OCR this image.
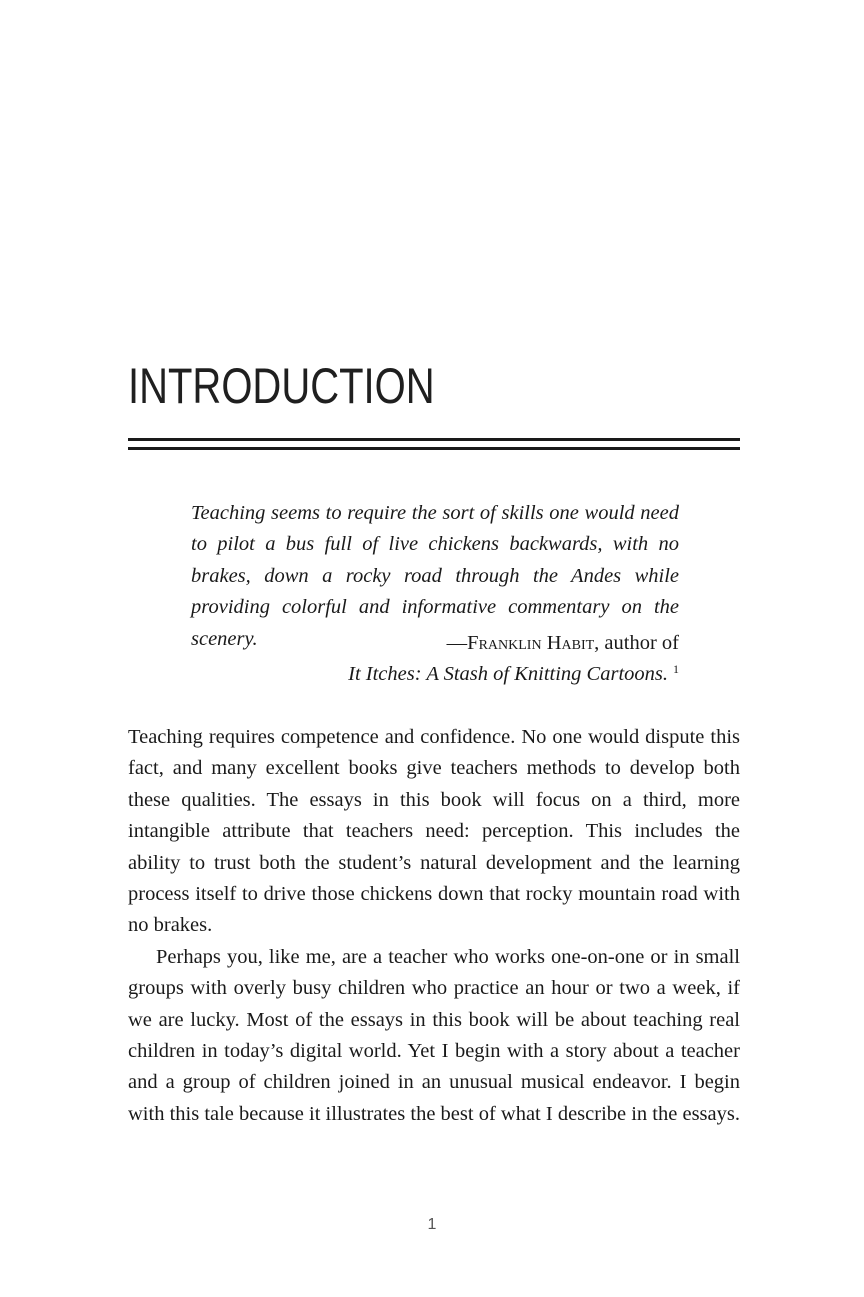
INTRODUCTION

Teaching seems to require the sort of skills one would need to pilot a bus full of live chickens backwards, with no brakes, down a rocky road through the Andes while providing colorful and informative commentary on the scenery.	—Franklin Habit, author of
It Itches: A Stash of Knitting Cartoons. $^1$

Teaching requires competence and confidence. No one would dispute this fact, and many excellent books give teachers methods to develop both these qualities. The essays in this book will focus on a third, more intangible attribute that teachers need: perception. This includes the ability to trust both the student’s natural development and the learning process itself to drive those chickens down that rocky mountain road with no brakes.

Perhaps you, like me, are a teacher who works one-on-one or in small groups with overly busy children who practice an hour or two a week, if we are lucky. Most of the essays in this book will be about teaching real children in today’s digital world. Yet I begin with a story about a teacher and a group of children joined in an unusual musical endeavor. I begin with this tale because it illustrates the best of what I describe in the essays.

1
